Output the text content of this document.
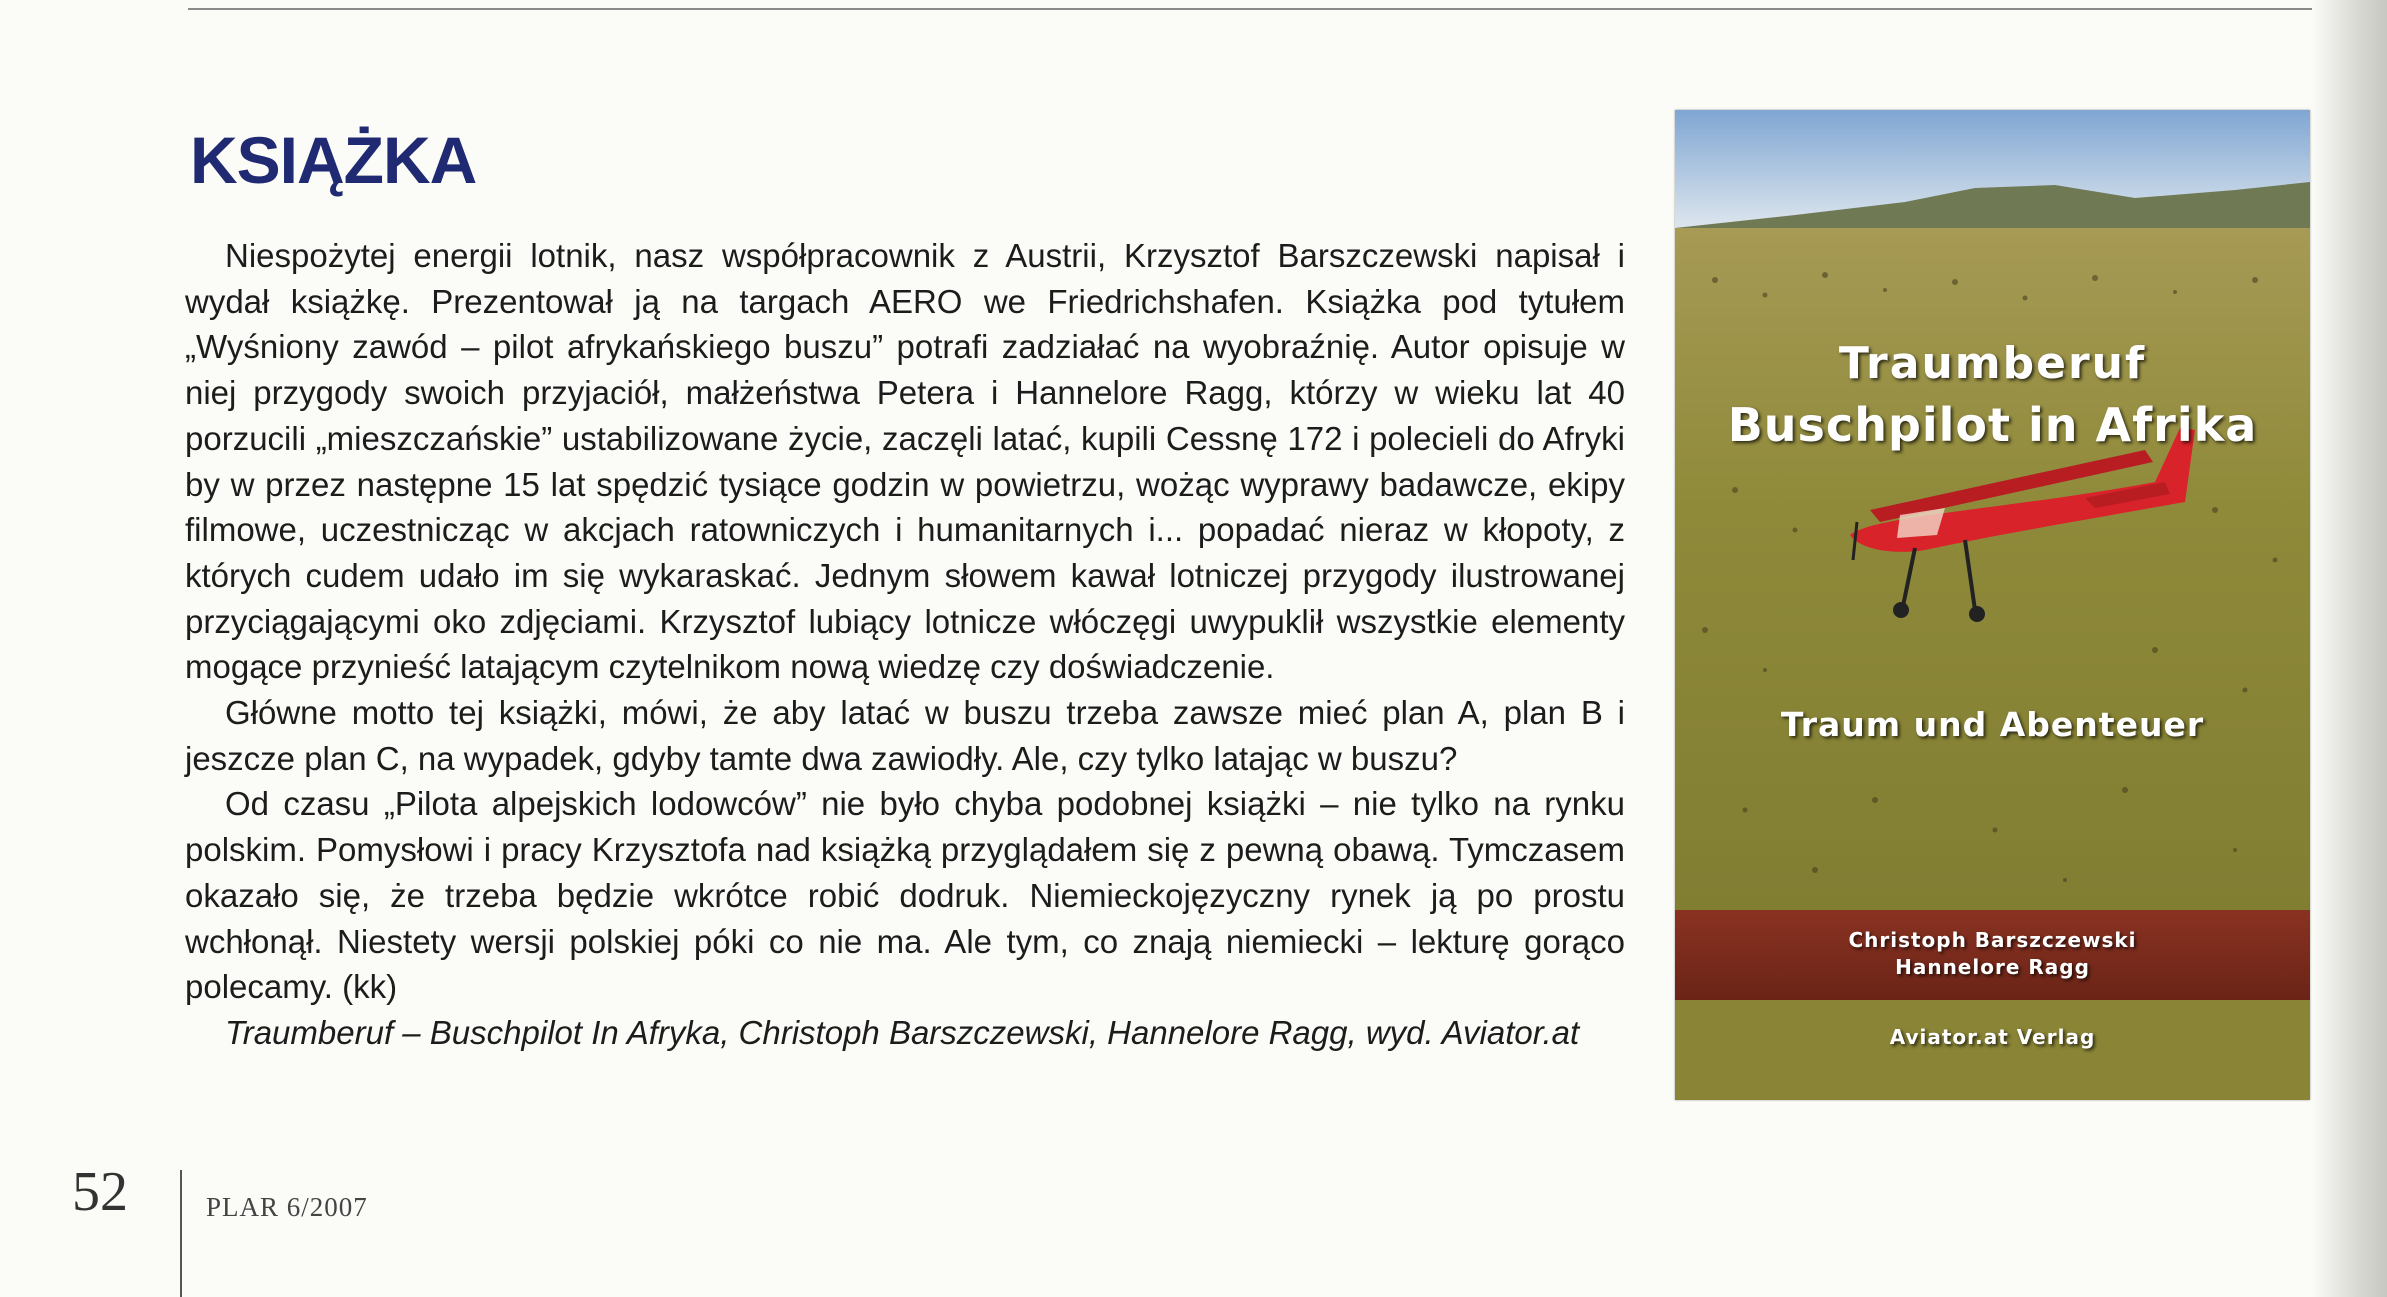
KSIĄŻKA

Niespożytej energii lotnik, nasz współpracownik z Austrii, Krzysztof Barszczewski napisał i wydał książkę. Prezentował ją na targach AERO we Friedrichshafen. Książka pod tytułem „Wyśniony zawód – pilot afrykańskiego buszu” potrafi zadziałać na wyobraźnię. Autor opisuje w niej przygody swoich przyjaciół, małżeństwa Petera i Hannelore Ragg, którzy w wieku lat 40 porzucili „mieszczańskie” ustabilizowane życie, zaczęli latać, kupili Cessnę 172 i polecieli do Afryki by w przez następne 15 lat spędzić tysiące godzin w powietrzu, wożąc wyprawy badawcze, ekipy filmowe, uczestnicząc w akcjach ratowniczych i humanitarnych i... popadać nieraz w kłopoty, z których cudem udało im się wykaraskać. Jednym słowem kawał lotniczej przygody ilustrowanej przyciągającymi oko zdjęciami. Krzysztof lubiący lotnicze włóczęgi uwypuklił wszystkie elementy mogące przynieść latającym czytelnikom nową wiedzę czy doświadczenie.

Główne motto tej książki, mówi, że aby latać w buszu trzeba zawsze mieć plan A, plan B i jeszcze plan C, na wypadek, gdyby tamte dwa zawiodły. Ale, czy tylko latając w buszu?

Od czasu „Pilota alpejskich lodowców” nie było chyba podobnej książki – nie tylko na rynku polskim. Pomysłowi i pracy Krzysztofa nad książką przyglądałem się z pewną obawą. Tymczasem okazało się, że trzeba będzie wkrótce robić dodruk. Niemieckojęzyczny rynek ją po prostu wchłonął. Niestety wersji polskiej póki co nie ma. Ale tym, co znają niemiecki – lekturę gorąco polecamy. (kk)

Traumberuf – Buschpilot In Afryka, Christoph Barszczewski, Hannelore Ragg, wyd. Aviator.at

Traumberuf
Buschpilot in Afrika
Traum und Abenteuer
Christoph Barszczewski
Hannelore Ragg
Aviator.at Verlag
52	PLAR 6/2007
